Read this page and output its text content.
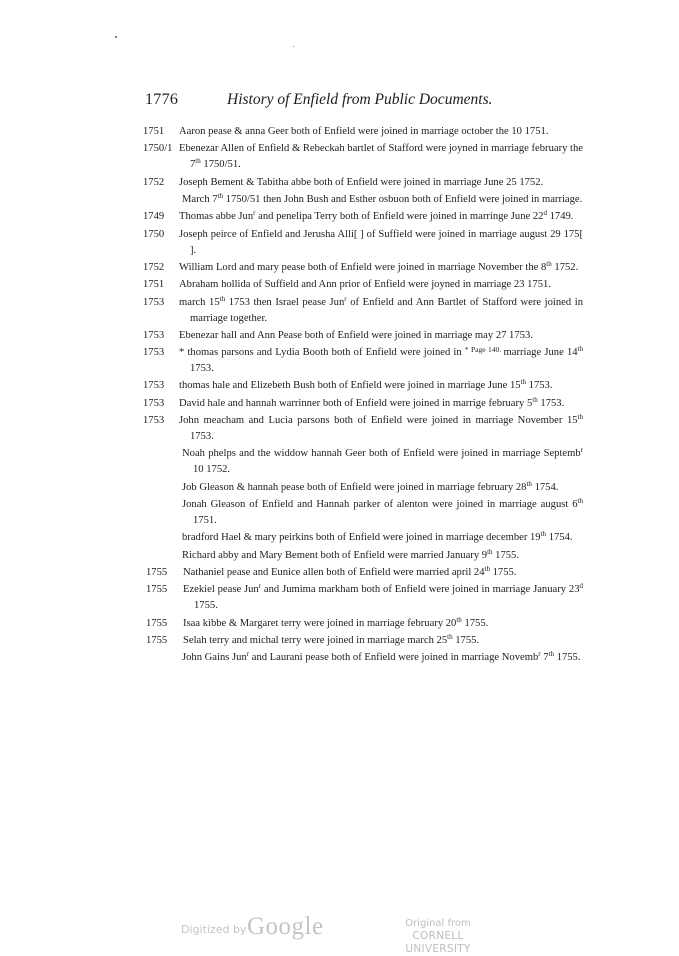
1776	History of Enfield from Public Documents.
1751	Aaron pease & anna Geer both of Enfield were joined in marriage october the 10 1751.
1750/1 Ebenezar Allen of Enfield & Rebeckah bartlet of Stafford were joyned in marriage february the 7th 1750/51.
1752	Joseph Bement & Tabitha abbe both of Enfield were joined in marriage June 25 1752.
March 7th 1750/51 then John Bush and Esther osbuon both of Enfield were joined in marriage.
1749	Thomas abbe Jun$^r$ and penelipa Terry both of Enfield were joined in marringe June 22$^d$ 1749.
1750	Joseph peirce of Enfield and Jerusha Alli[ ] of Suffield were joined in marriage august 29 175[ ].
1752	William Lord and mary pease both of Enfield were joined in marriage November the 8th 1752.
1751	Abraham hollida of Suffield and Ann prior of Enfield were joyned in marriage 23 1751.
1753	march 15th 1753 then Israel pease Jun$^r$ of Enfield and Ann Bartlet of Stafford were joined in marriage together.
1753	Ebenezar hall and Ann Pease both of Enfield were joined in marriage may 27 1753.
1753	* thomas parsons and Lydia Booth both of Enfield were joined in $^{* Page 140.}$ marriage June 14th 1753.
1753	thomas hale and Elizebeth Bush both of Enfield were joined in marriage June 15th 1753.
1753	David hale and hannah warrinner both of Enfield were joined in marrige february 5th 1753.
1753	John meacham and Lucia parsons both of Enfield were joined in marriage November 15th 1753.
Noah phelps and the widdow hannah Geer both of Enfield were joined in marriage Septemb$^r$ 10 1752.
Job Gleason & hannah pease both of Enfield were joined in marriage february 28th 1754.
Jonah Gleason of Enfield and Hannah parker of alenton were joined in marriage august 6th 1751.
bradford Hael & mary peirkins both of Enfield were joined in marriage december 19th 1754.
Richard abby and Mary Bement both of Enfield were married January 9th 1755.
1755	Nathaniel pease and Eunice allen both of Enfield were married april 24th 1755.
1755	Ezekiel pease Jun$^r$ and Jumima markham both of Enfield were joined in marriage January 23$^d$ 1755.
1755	Isaa kibbe & Margaret terry were joined in marriage february 20th 1755.
1755	Selah terry and michal terry were joined in marriage march 25th 1755.
John Gains Jun$^r$ and Laurani pease both of Enfield were joined in marriage Novemb$^r$ 7th 1755.
Digitized by Google	Original from
CORNELL UNIVERSITY
